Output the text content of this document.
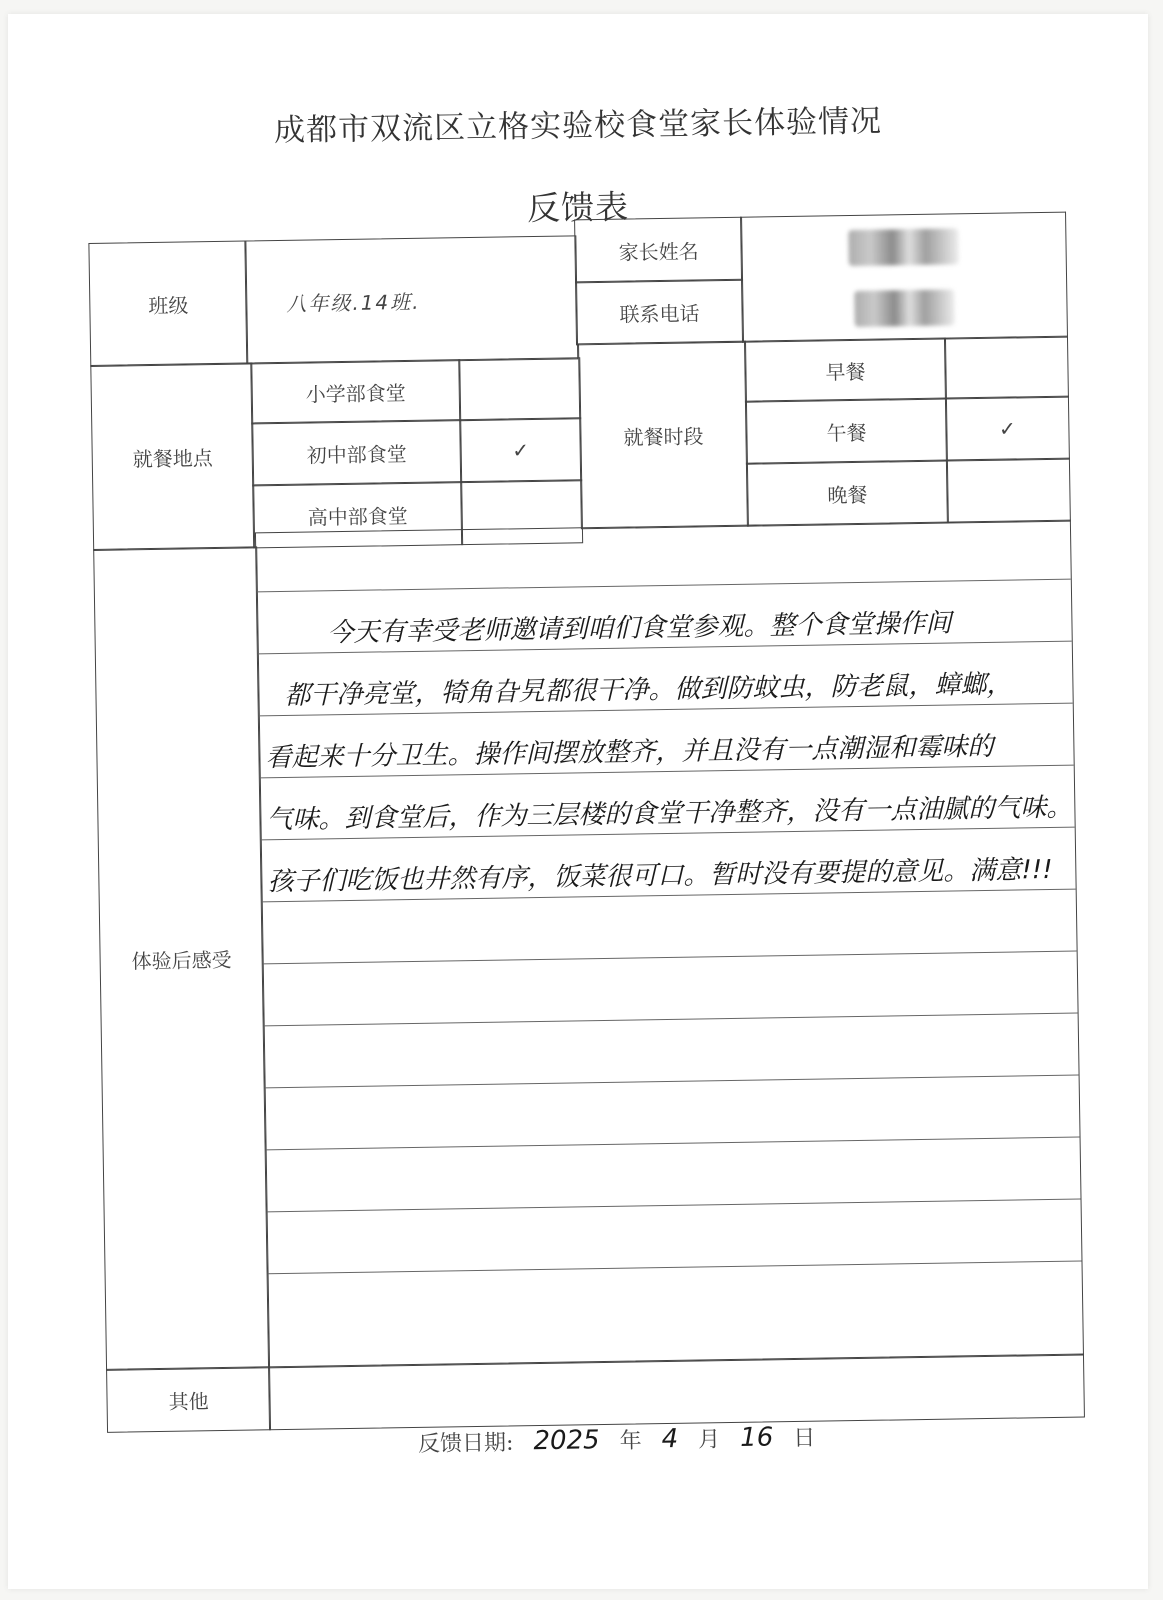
成都市双流区立格实验校食堂家长体验情况
反馈表
班级	八年级.14班.
家长姓名
联系电话
就餐地点
小学部食堂
初中部食堂	✓
高中部食堂
就餐时段
早餐
午餐	✓
晚餐
体验后感受
今天有幸受老师邀请到咱们食堂参观。整个食堂操作间
都干净亮堂，犄角旮旯都很干净。做到防蚊虫，防老鼠，蟑螂，
看起来十分卫生。操作间摆放整齐，并且没有一点潮湿和霉味的
气味。到食堂后，作为三层楼的食堂干净整齐，没有一点油腻的气味。
孩子们吃饭也井然有序，饭菜很可口。暂时没有要提的意见。满意!!!
其他
反馈日期: 2025 年 4 月 16 日
